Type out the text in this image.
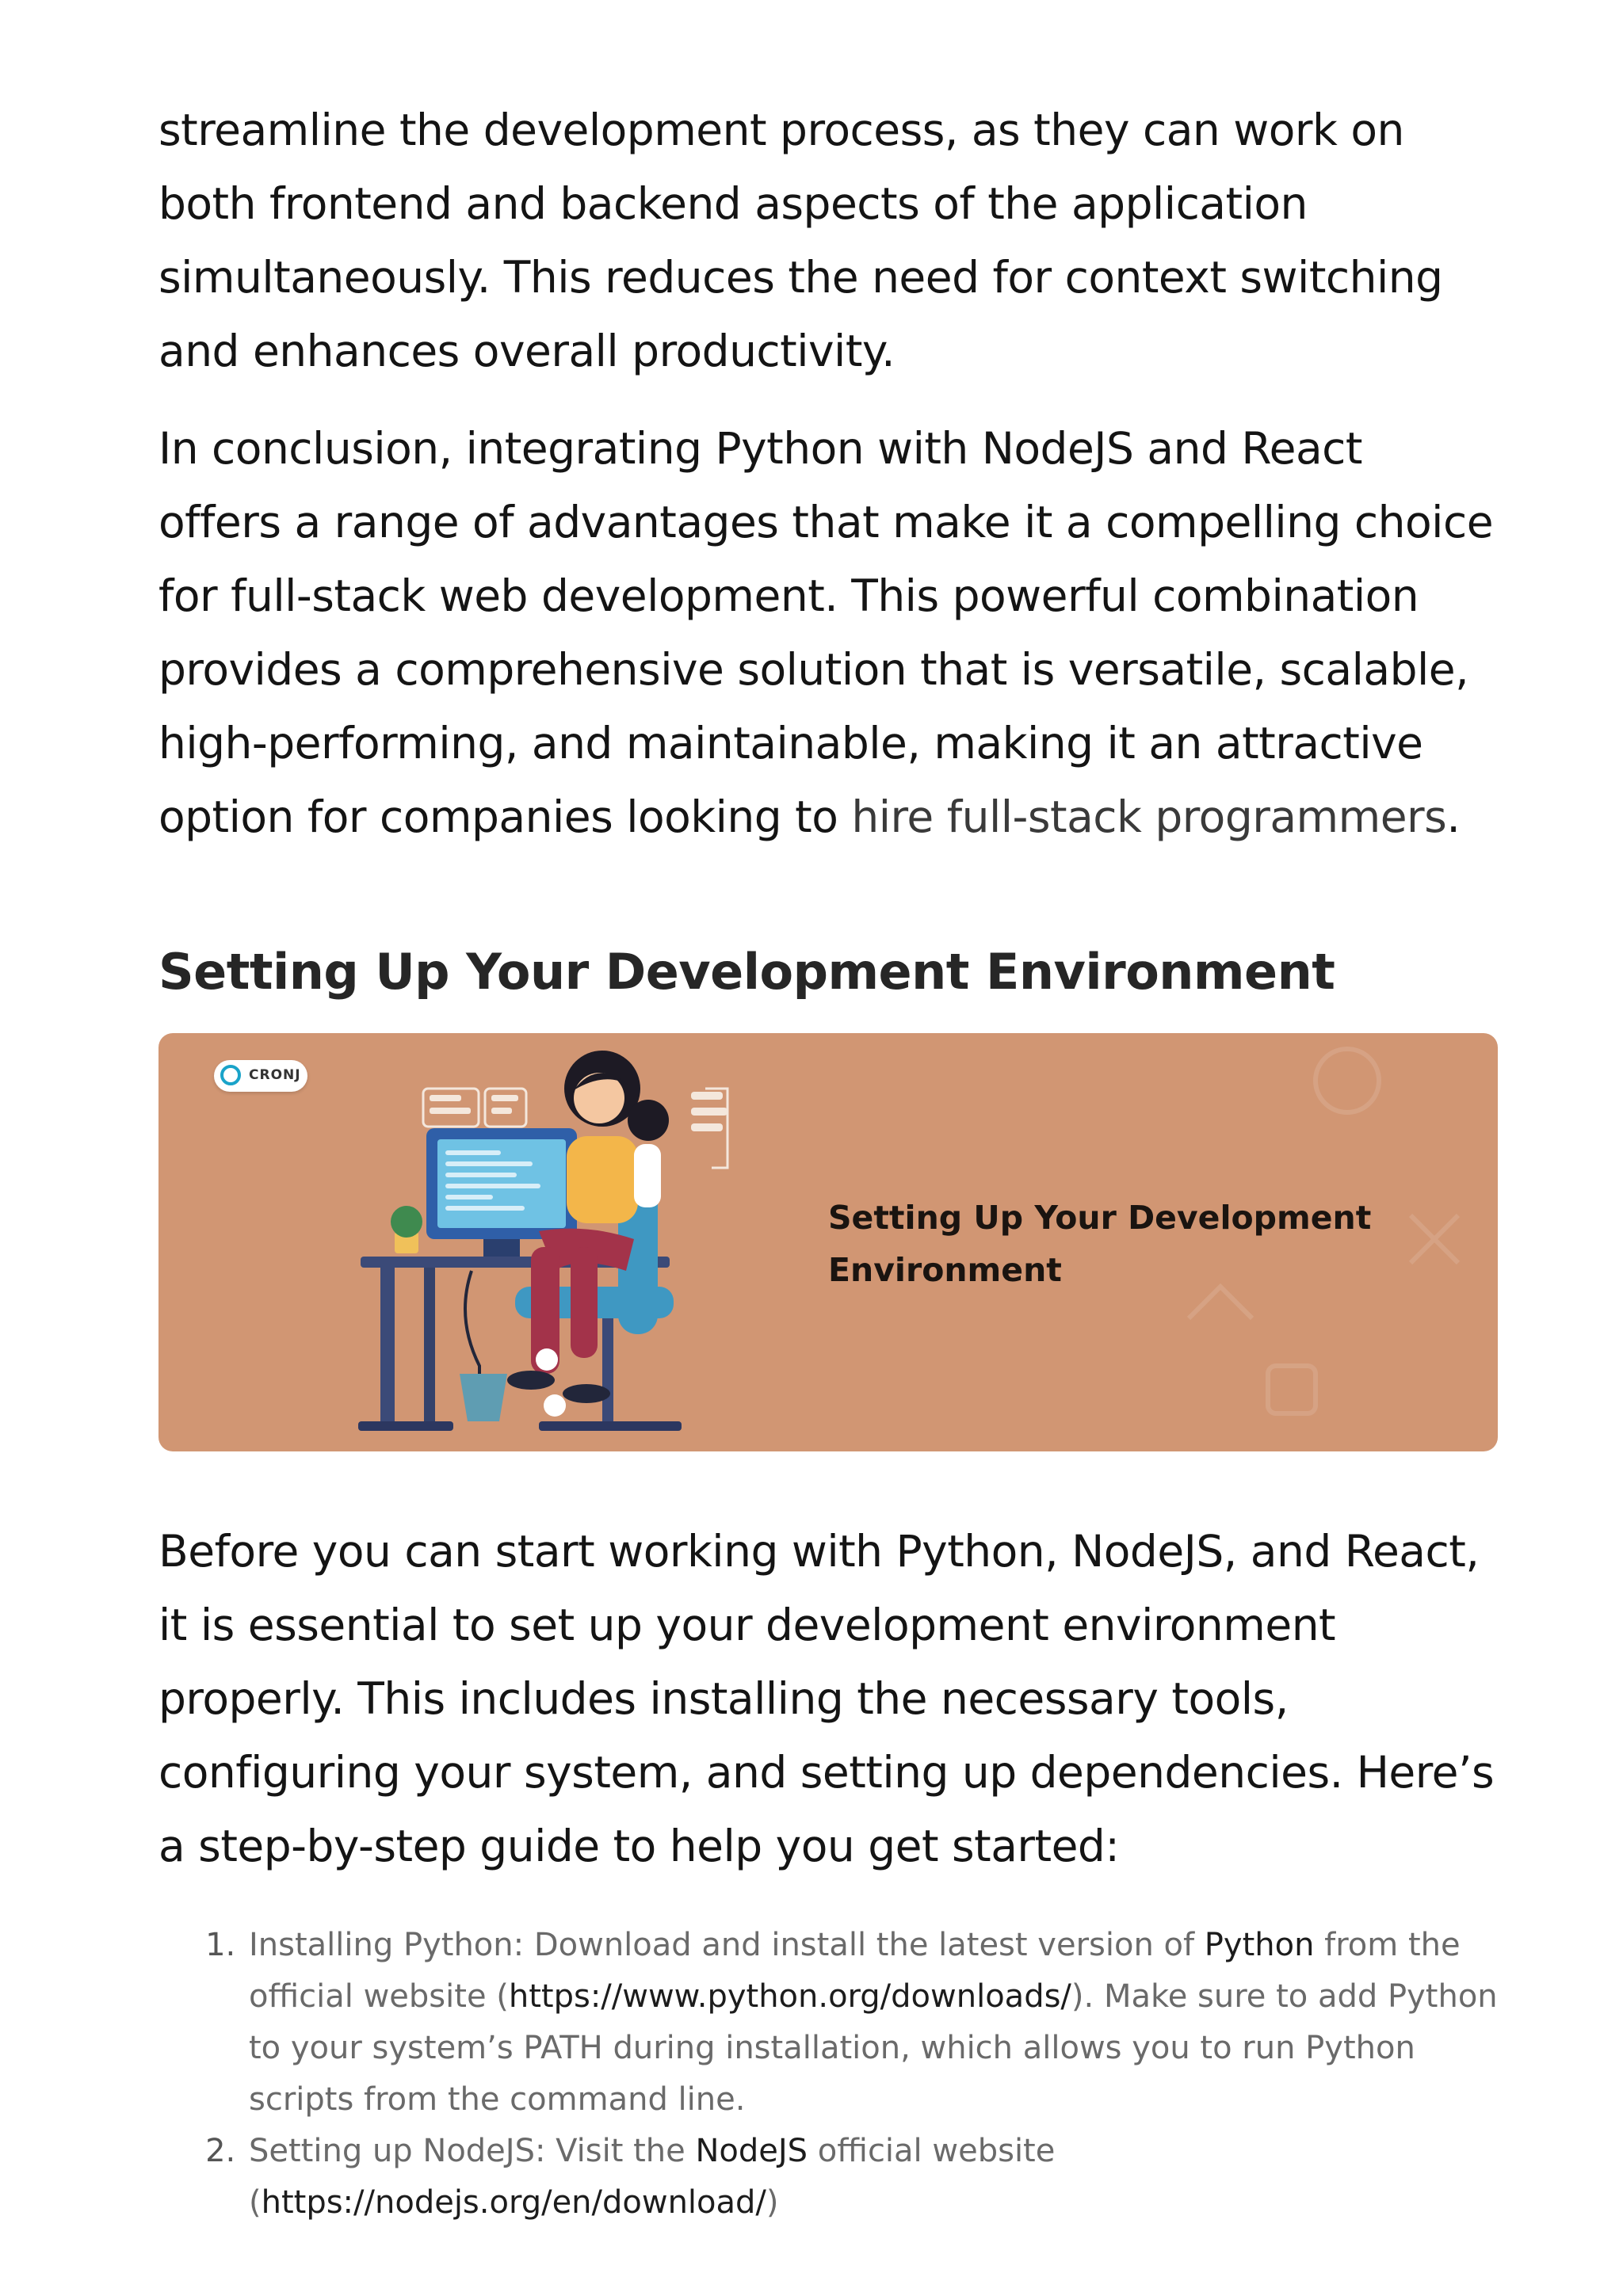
streamline the development process, as they can work on both frontend and backend aspects of the application simultaneously. This reduces the need for context switching and enhances overall productivity.

In conclusion, integrating Python with NodeJS and React offers a range of advantages that make it a compelling choice for full-stack web development. This powerful combination provides a comprehensive solution that is versatile, scalable, high-performing, and maintainable, making it an attractive option for companies looking to hire full-stack programmers.

Setting Up Your Development Environment
CRONJ
Setting Up Your Development
Environment

Before you can start working with Python, NodeJS, and React, it is essential to set up your development environment properly. This includes installing the necessary tools, configuring your system, and setting up dependencies. Here’s a step-by-step guide to help you get started:

1. Installing Python: Download and install the latest version of Python from the official website (https://www.python.org/downloads/). Make sure to add Python to your system’s PATH during installation, which allows you to run Python scripts from the command line.
2. Setting up NodeJS: Visit the NodeJS official website (https://nodejs.org/en/download/)
